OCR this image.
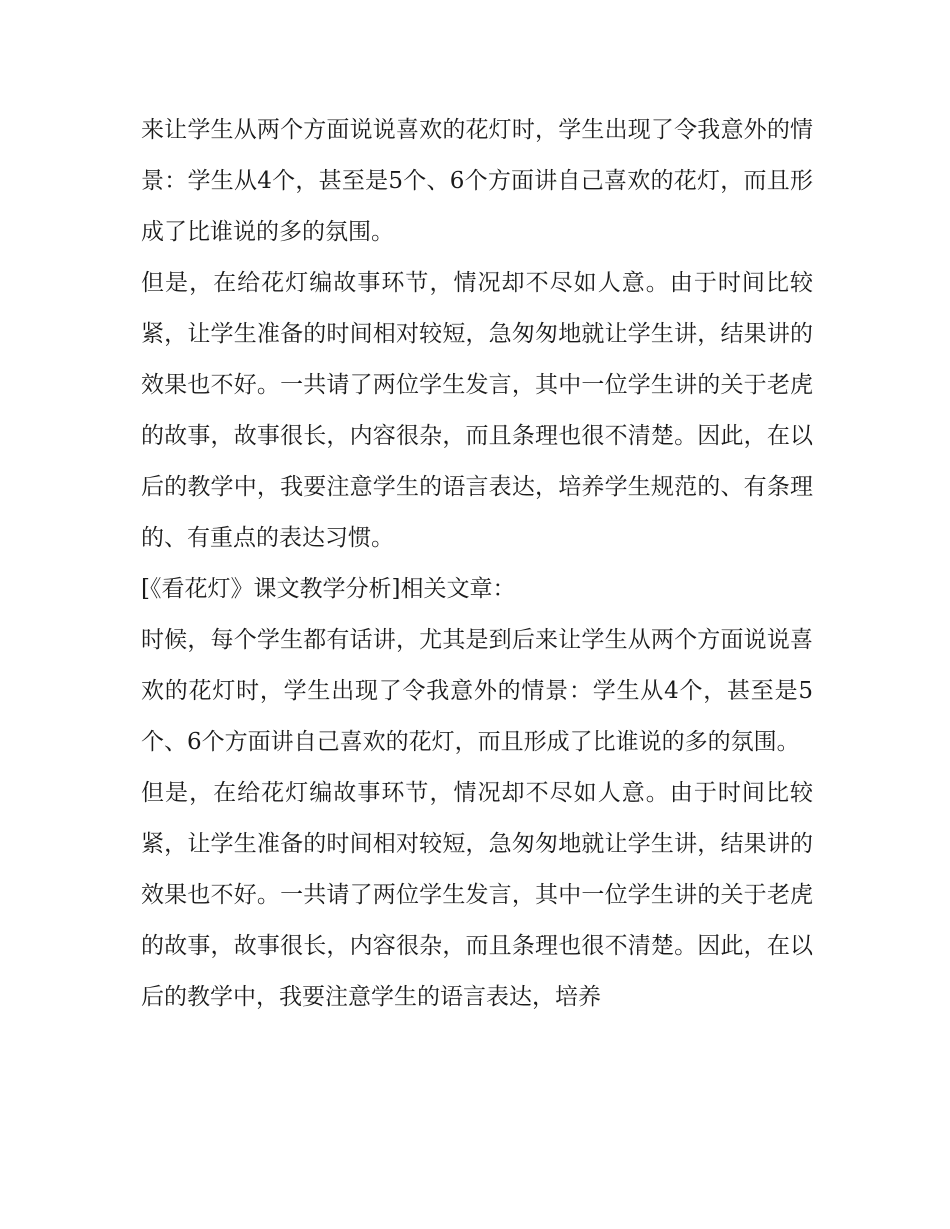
来让学生从两个方面说说喜欢的花灯时，学生出现了令我意外的情景：学生从4个，甚至是5个、6个方面讲自己喜欢的花灯，而且形成了比谁说的多的氛围。

但是，在给花灯编故事环节，情况却不尽如人意。由于时间比较紧，让学生准备的时间相对较短，急匆匆地就让学生讲，结果讲的效果也不好。一共请了两位学生发言，其中一位学生讲的关于老虎的故事，故事很长，内容很杂，而且条理也很不清楚。因此，在以后的教学中，我要注意学生的语言表达，培养学生规范的、有条理的、有重点的表达习惯。

[《看花灯》课文教学分析]相关文章：

时候，每个学生都有话讲，尤其是到后来让学生从两个方面说说喜欢的花灯时，学生出现了令我意外的情景：学生从4个，甚至是5个、6个方面讲自己喜欢的花灯，而且形成了比谁说的多的氛围。

但是，在给花灯编故事环节，情况却不尽如人意。由于时间比较紧，让学生准备的时间相对较短，急匆匆地就让学生讲，结果讲的效果也不好。一共请了两位学生发言，其中一位学生讲的关于老虎的故事，故事很长，内容很杂，而且条理也很不清楚。因此，在以后的教学中，我要注意学生的语言表达，培养
